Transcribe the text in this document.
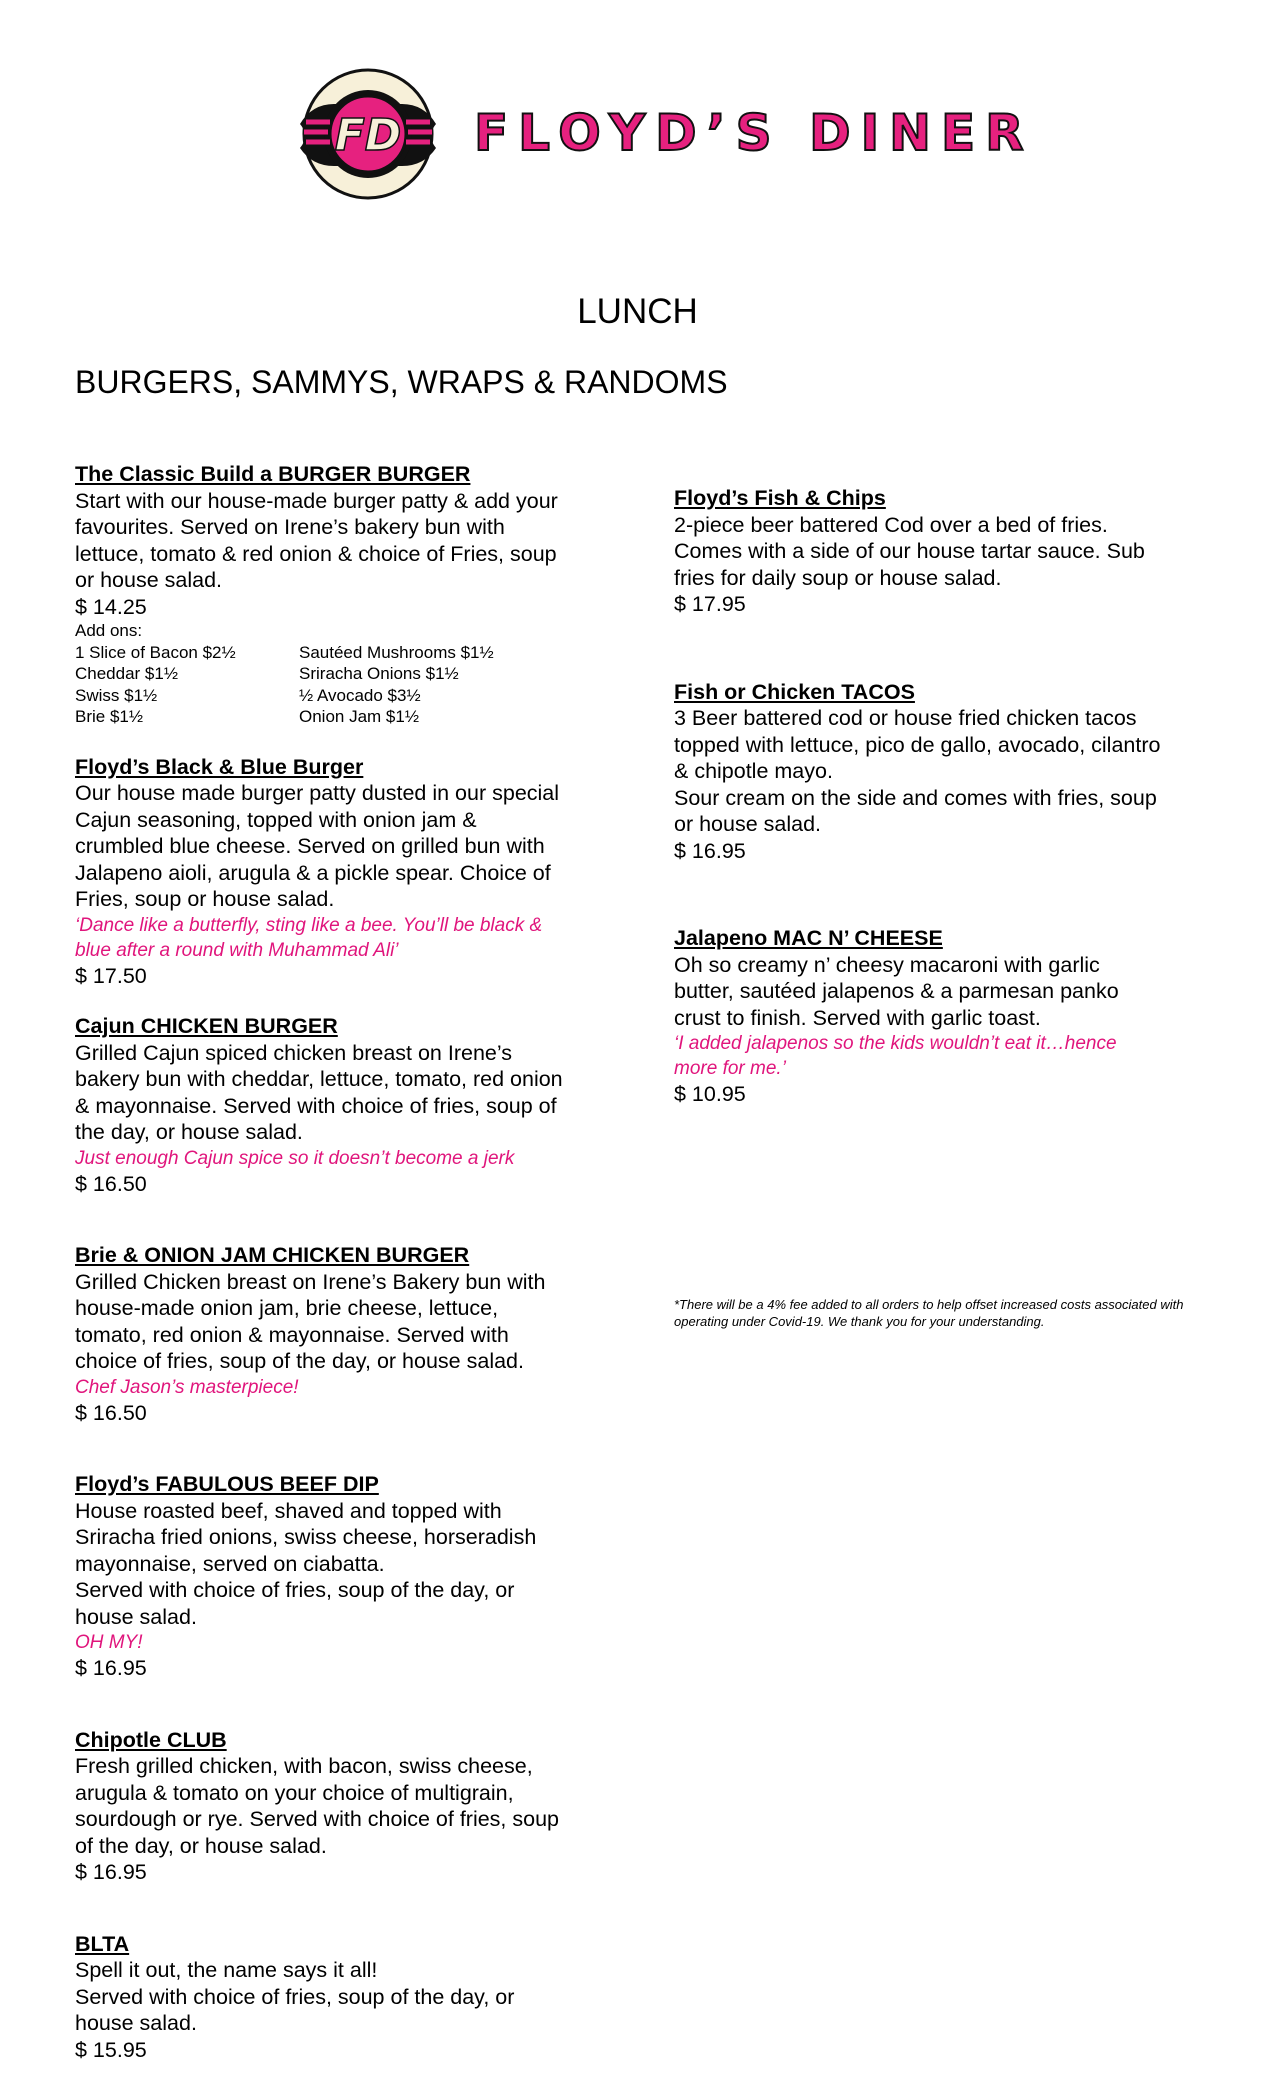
FD FLOYD’S DINER
LUNCH
BURGERS, SAMMYS, WRAPS & RANDOMS
The Classic Build a BURGER BURGER
Start with our house-made burger patty & add your
favourites. Served on Irene’s bakery bun with
lettuce, tomato & red onion & choice of Fries, soup
or house salad.
$ 14.25
Add ons:
1 Slice of Bacon $2½	Sautéed Mushrooms $1½
Cheddar $1½	Sriracha Onions $1½
Swiss $1½	½ Avocado $3½
Brie $1½	Onion Jam $1½
Floyd’s Black & Blue Burger
Our house made burger patty dusted in our special
Cajun seasoning, topped with onion jam &
crumbled blue cheese. Served on grilled bun with
Jalapeno aioli, arugula & a pickle spear. Choice of
Fries, soup or house salad.
‘Dance like a butterfly, sting like a bee. You’ll be black &
blue after a round with Muhammad Ali’
$ 17.50
Cajun CHICKEN BURGER
Grilled Cajun spiced chicken breast on Irene’s
bakery bun with cheddar, lettuce, tomato, red onion
& mayonnaise. Served with choice of fries, soup of
the day, or house salad.
Just enough Cajun spice so it doesn’t become a jerk
$ 16.50
Brie & ONION JAM CHICKEN BURGER
Grilled Chicken breast on Irene’s Bakery bun with
house-made onion jam, brie cheese, lettuce,
tomato, red onion & mayonnaise. Served with
choice of fries, soup of the day, or house salad.
Chef Jason’s masterpiece!
$ 16.50
Floyd’s FABULOUS BEEF DIP
House roasted beef, shaved and topped with
Sriracha fried onions, swiss cheese, horseradish
mayonnaise, served on ciabatta.
Served with choice of fries, soup of the day, or
house salad.
OH MY!
$ 16.95
Chipotle CLUB
Fresh grilled chicken, with bacon, swiss cheese,
arugula & tomato on your choice of multigrain,
sourdough or rye. Served with choice of fries, soup
of the day, or house salad.
$ 16.95
BLTA
Spell it out, the name says it all!
Served with choice of fries, soup of the day, or
house salad.
$ 15.95
Floyd’s Fish & Chips
2-piece beer battered Cod over a bed of fries.
Comes with a side of our house tartar sauce. Sub
fries for daily soup or house salad.
$ 17.95
Fish or Chicken TACOS
3 Beer battered cod or house fried chicken tacos
topped with lettuce, pico de gallo, avocado, cilantro
& chipotle mayo.
Sour cream on the side and comes with fries, soup
or house salad.
$ 16.95
Jalapeno MAC N’ CHEESE
Oh so creamy n’ cheesy macaroni with garlic
butter, sautéed jalapenos & a parmesan panko
crust to finish. Served with garlic toast.
‘I added jalapenos so the kids wouldn’t eat it…hence
more for me.’
$ 10.95
*There will be a 4% fee added to all orders to help offset increased costs associated with operating under Covid-19. We thank you for your understanding.
